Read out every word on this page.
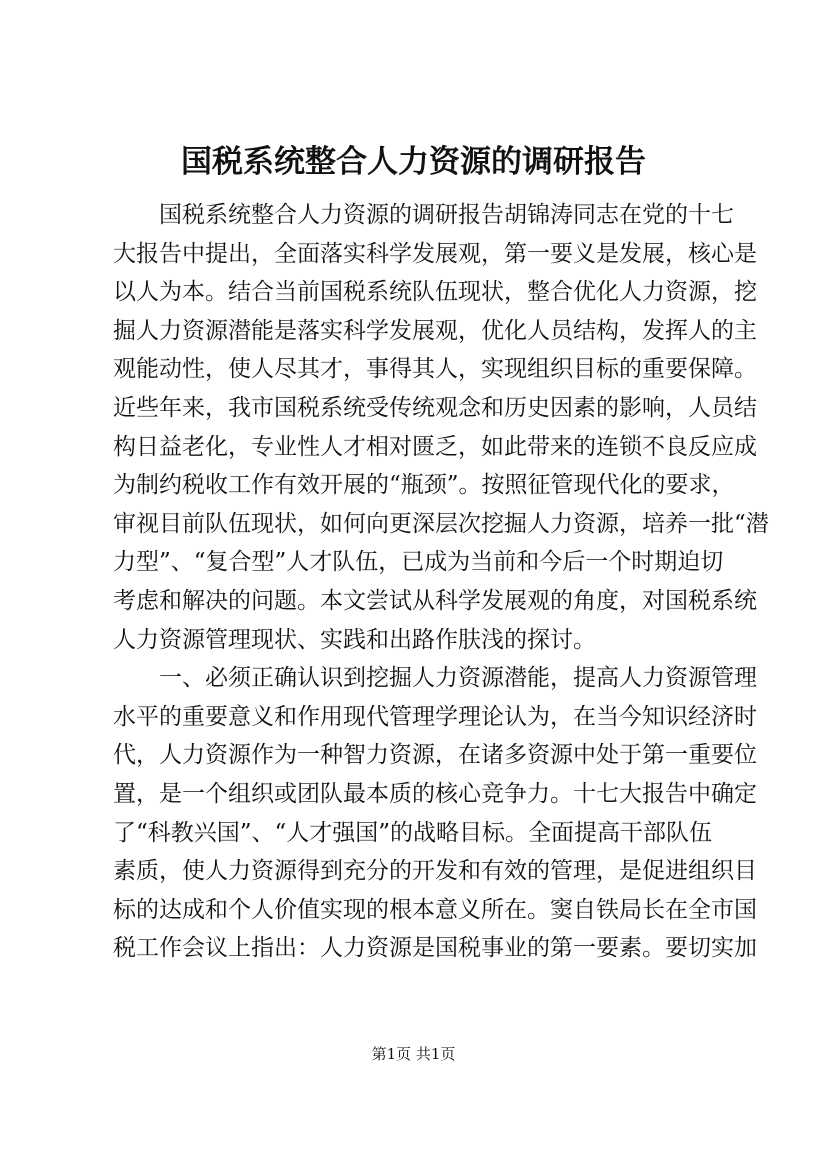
国税系统整合人力资源的调研报告
国税系统整合人力资源的调研报告胡锦涛同志在党的十七
大报告中提出，全面落实科学发展观，第一要义是发展，核心是
以人为本。结合当前国税系统队伍现状，整合优化人力资源，挖
掘人力资源潜能是落实科学发展观，优化人员结构，发挥人的主
观能动性，使人尽其才，事得其人，实现组织目标的重要保障。
近些年来，我市国税系统受传统观念和历史因素的影响，人员结
构日益老化，专业性人才相对匮乏，如此带来的连锁不良反应成
为制约税收工作有效开展的“瓶颈”。按照征管现代化的要求，
审视目前队伍现状，如何向更深层次挖掘人力资源，培养一批“潜
力型”、“复合型”人才队伍，已成为当前和今后一个时期迫切
考虑和解决的问题。本文尝试从科学发展观的角度，对国税系统
人力资源管理现状、实践和出路作肤浅的探讨。
一、必须正确认识到挖掘人力资源潜能，提高人力资源管理
水平的重要意义和作用现代管理学理论认为，在当今知识经济时
代，人力资源作为一种智力资源，在诸多资源中处于第一重要位
置，是一个组织或团队最本质的核心竞争力。十七大报告中确定
了“科教兴国”、“人才强国”的战略目标。全面提高干部队伍
素质，使人力资源得到充分的开发和有效的管理，是促进组织目
标的达成和个人价值实现的根本意义所在。窦自铁局长在全市国
税工作会议上指出：人力资源是国税事业的第一要素。要切实加
第1页 共1页
